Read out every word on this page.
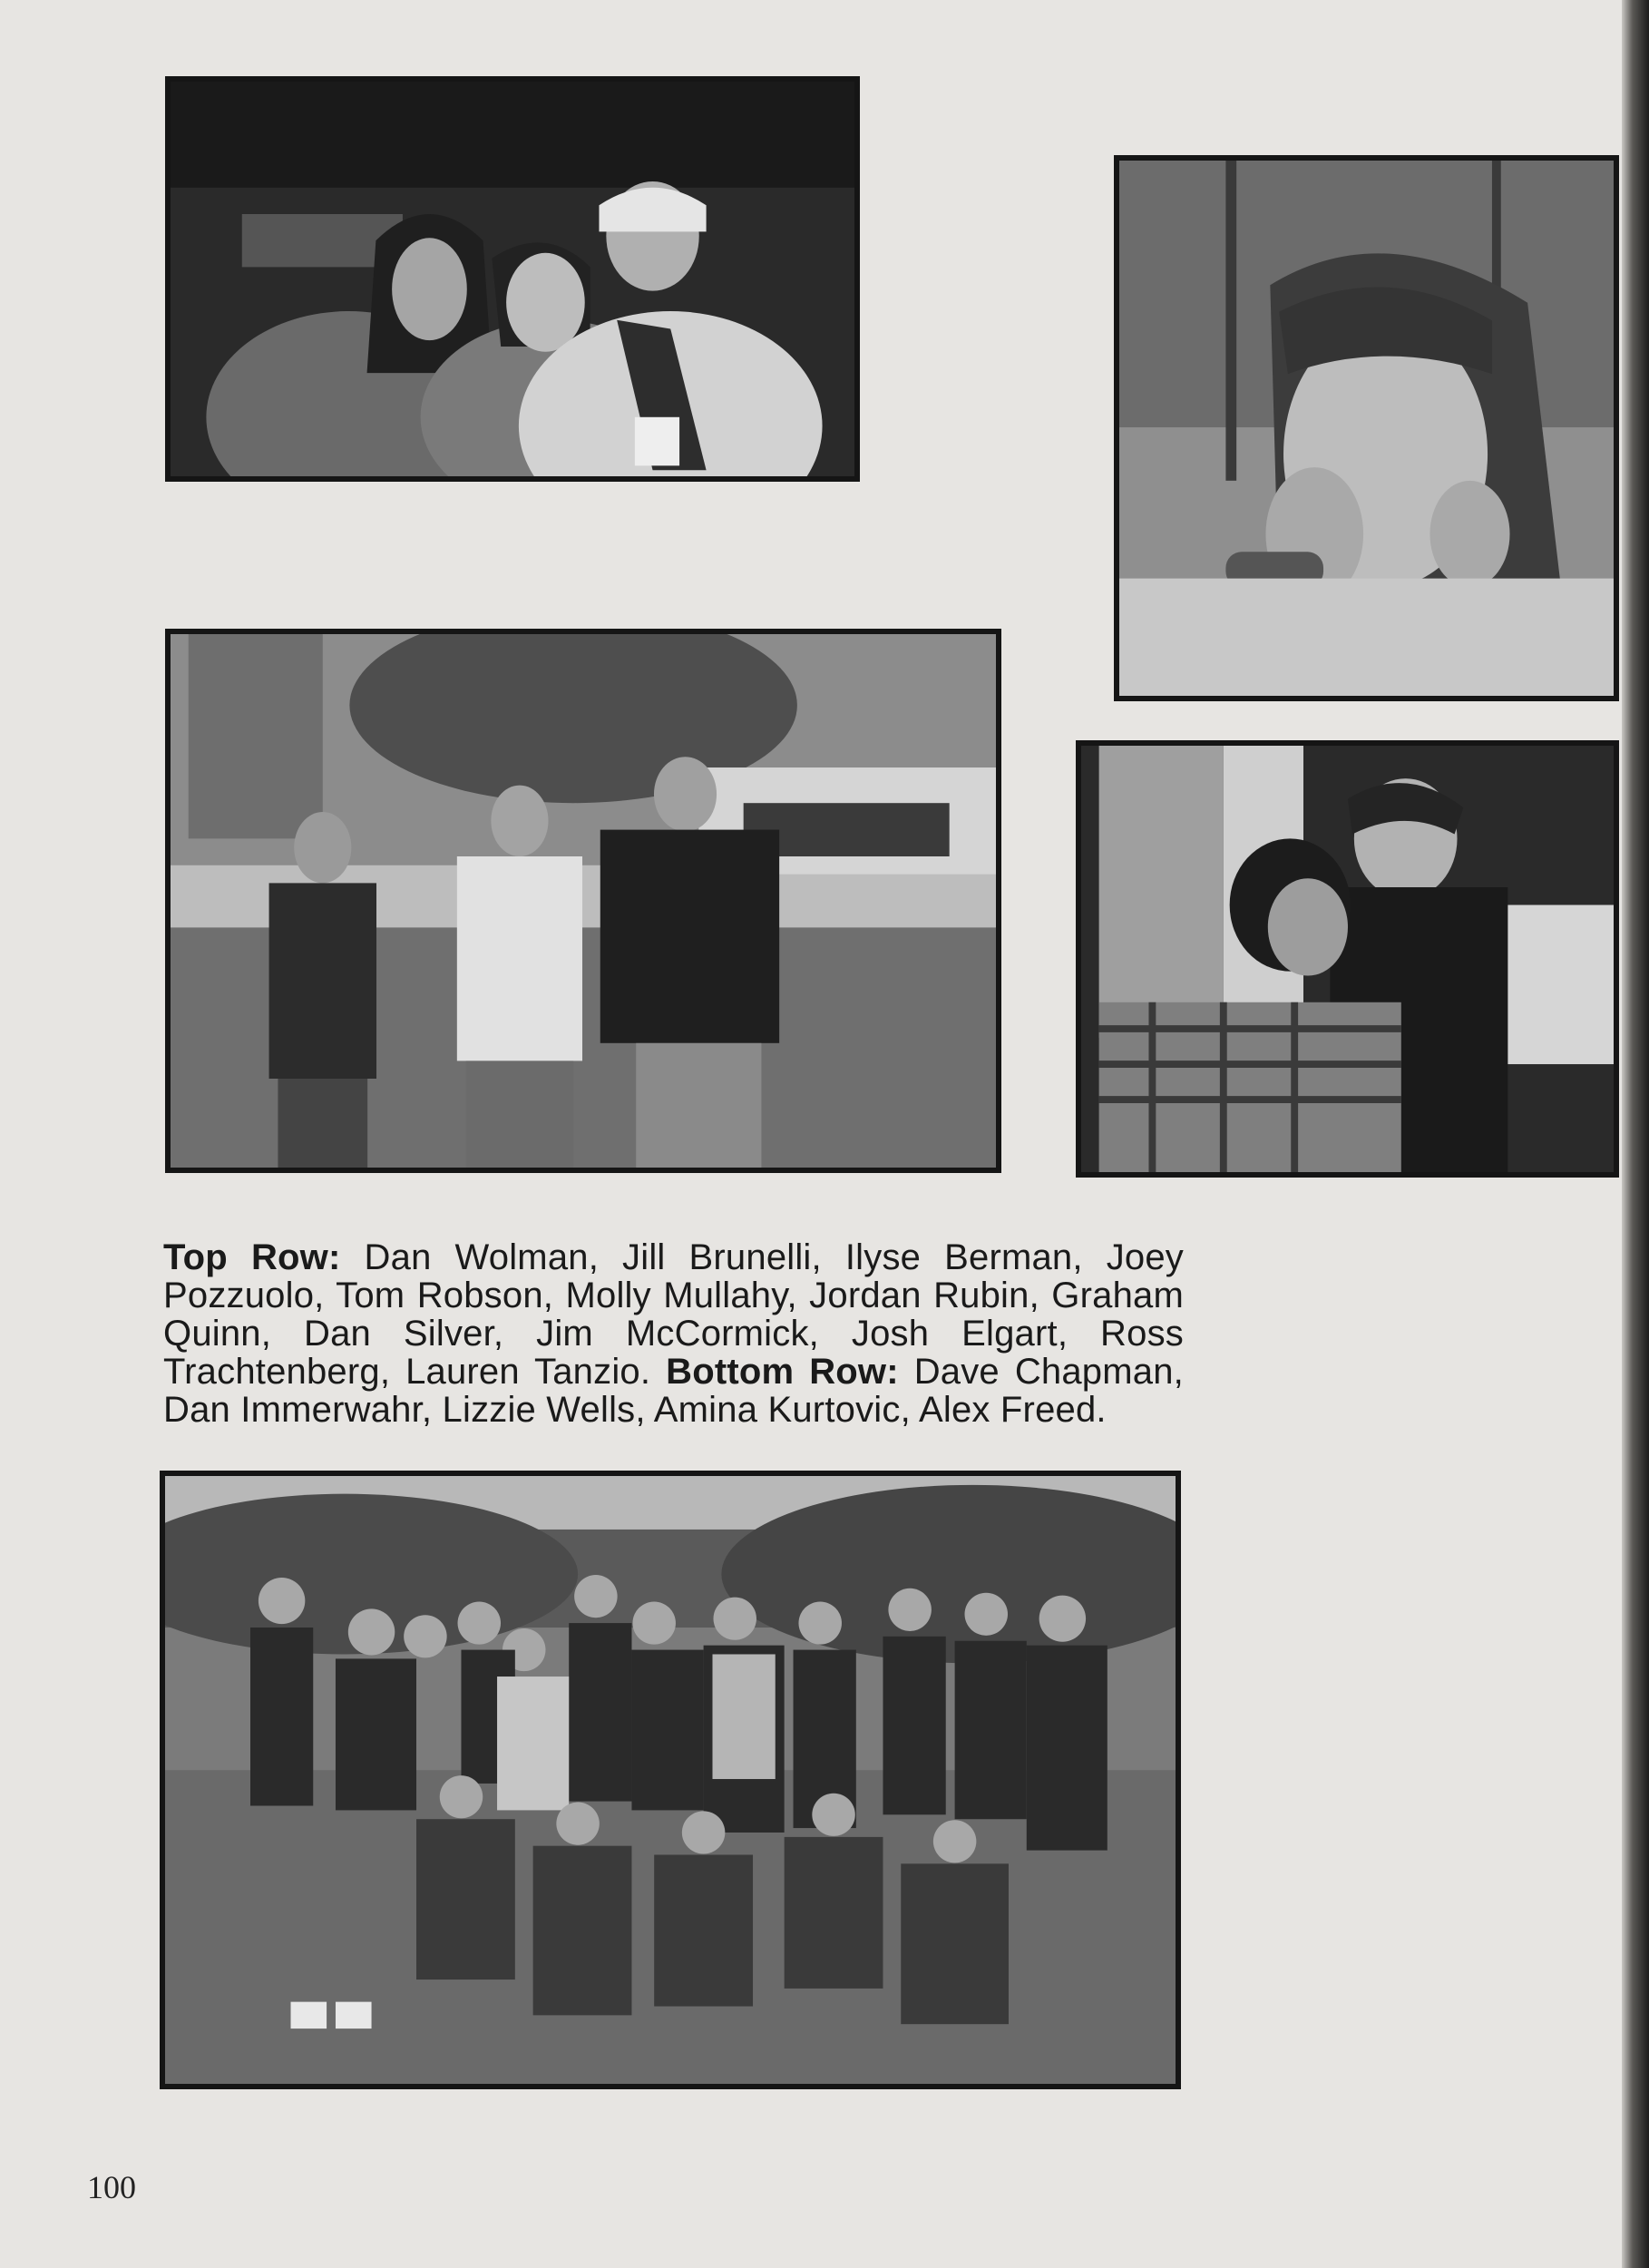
Top Row: Dan Wolman, Jill Brunelli, Ilyse Berman, Joey Pozzuolo, Tom Robson, Molly Mullahy, Jordan Rubin, Graham Quinn, Dan Silver, Jim McCormick, Josh Elgart, Ross Trachtenberg, Lauren Tanzio. Bottom Row: Dave Chapman, Dan Immerwahr, Lizzie Wells, Amina Kurtovic, Alex Freed.
100
